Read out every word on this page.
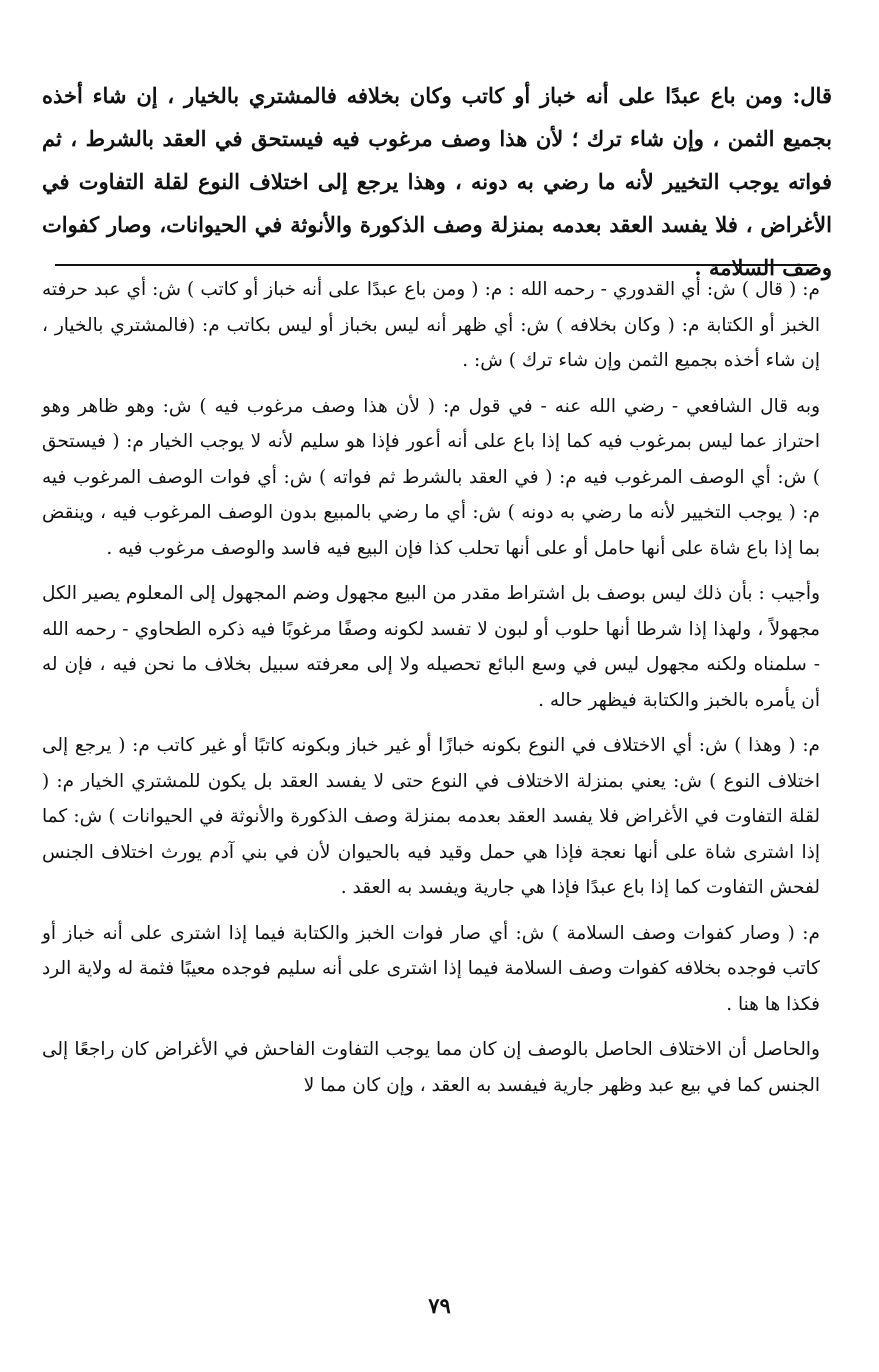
قال: ومن باع عبدًا على أنه خباز أو كاتب وكان بخلافه فالمشتري بالخيار ، إن شاء أخذه بجميع الثمن ، وإن شاء ترك ؛ لأن هذا وصف مرغوب فيه فيستحق في العقد بالشرط ، ثم فواته يوجب التخيير لأنه ما رضي به دونه ، وهذا يرجع إلى اختلاف النوع لقلة التفاوت في الأغراض ، فلا يفسد العقد بعدمه بمنزلة وصف الذكورة والأنوثة في الحيوانات، وصار كفوات وصف السلامة .

م: ( قال ) ش: أي القدوري - رحمه الله : م: ( ومن باع عبدًا على أنه خباز أو كاتب ) ش: أي عبد حرفته الخبز أو الكتابة م: ( وكان بخلافه ) ش: أي ظهر أنه ليس بخباز أو ليس بكاتب م: (فالمشتري بالخيار ، إن شاء أخذه بجميع الثمن وإن شاء ترك ) ش: .

وبه قال الشافعي - رضي الله عنه - في قول م: ( لأن هذا وصف مرغوب فيه ) ش: وهو ظاهر وهو احتراز عما ليس بمرغوب فيه كما إذا باع على أنه أعور فإذا هو سليم لأنه لا يوجب الخيار م: ( فيستحق ) ش: أي الوصف المرغوب فيه م: ( في العقد بالشرط ثم فواته ) ش: أي فوات الوصف المرغوب فيه م: ( يوجب التخيير لأنه ما رضي به دونه ) ش: أي ما رضي بالمبيع بدون الوصف المرغوب فيه ، وينقض بما إذا باع شاة على أنها حامل أو على أنها تحلب كذا فإن البيع فيه فاسد والوصف مرغوب فيه .

وأجيب : بأن ذلك ليس بوصف بل اشتراط مقدر من البيع مجهول وضم المجهول إلى المعلوم يصير الكل مجهولاً ، ولهذا إذا شرطا أنها حلوب أو لبون لا تفسد لكونه وصفًا مرغوبًا فيه ذكره الطحاوي - رحمه الله - سلمناه ولكنه مجهول ليس في وسع البائع تحصيله ولا إلى معرفته سبيل بخلاف ما نحن فيه ، فإن له أن يأمره بالخبز والكتابة فيظهر حاله .

م: ( وهذا ) ش: أي الاختلاف في النوع بكونه خبازًا أو غير خباز وبكونه كاتبًا أو غير كاتب م: ( يرجع إلى اختلاف النوع ) ش: يعني بمنزلة الاختلاف في النوع حتى لا يفسد العقد بل يكون للمشتري الخيار م: ( لقلة التفاوت في الأغراض فلا يفسد العقد بعدمه بمنزلة وصف الذكورة والأنوثة في الحيوانات ) ش: كما إذا اشترى شاة على أنها نعجة فإذا هي حمل وقيد فيه بالحيوان لأن في بني آدم يورث اختلاف الجنس لفحش التفاوت كما إذا باع عبدًا فإذا هي جارية ويفسد به العقد .

م: ( وصار كفوات وصف السلامة ) ش: أي صار فوات الخبز والكتابة فيما إذا اشترى على أنه خباز أو كاتب فوجده بخلافه كفوات وصف السلامة فيما إذا اشترى على أنه سليم فوجده معيبًا فثمة له ولاية الرد فكذا ها هنا .

والحاصل أن الاختلاف الحاصل بالوصف إن كان مما يوجب التفاوت الفاحش في الأغراض كان راجعًا إلى الجنس كما في بيع عبد وظهر جارية فيفسد به العقد ، وإن كان مما لا

٧٩
